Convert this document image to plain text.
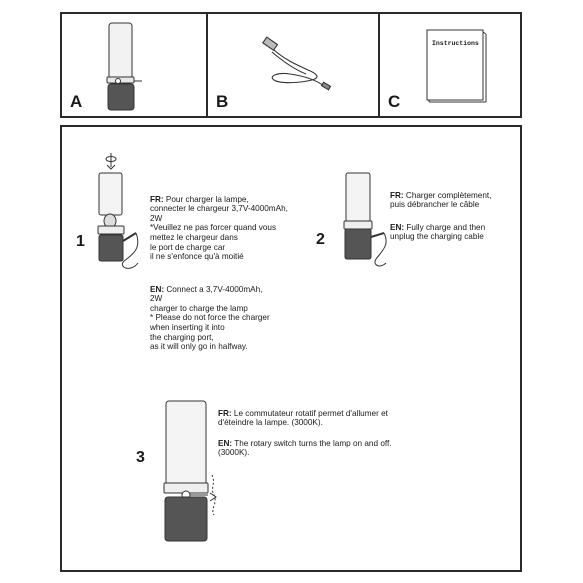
A	B
Instructions
C
1

FR: Pour charger la lampe,
connecter le chargeur 3,7V-4000mAh,
2W
*Veuillez ne pas forcer quand vous
mettez le chargeur dans
le port de charge car
il ne s'enfonce qu'à moitié

EN: Connect a 3,7V-4000mAh,
2W
charger to charge the lamp
* Please do not force the charger
when inserting it into
the charging port,
as it will only go in halfway.

2

FR: Charger complètement,
puis débrancher le câble

EN: Fully charge and then
unplug the charging cable

3

FR: Le commutateur rotatif permet d'allumer et
d'éteindre la lampe. (3000K).

EN: The rotary switch turns the lamp on and off.
(3000K).
